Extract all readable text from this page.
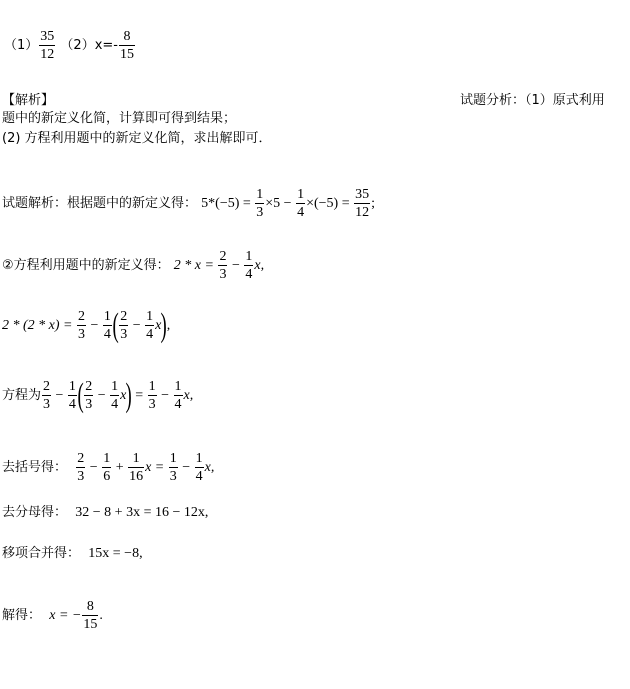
$(1) \frac{35}{12} (2)x=- \frac{8}{15}$
【解析】	试题分析：（1）原式利用
题中的新定义化简，计算即可得到结果；
(2) 方程利用题中的新定义化简，求出解即可．
试题解析：根据题中的新定义得： $5*(-5) = \frac{1}{3} \times 5 - \frac{1}{4} \times(-5) = \frac{35}{12}$ ;
②方程利用题中的新定义得： $2 * x = \frac{2}{3} - \frac{1}{4} x$,
$2 * (2 * x) = \frac{2}{3} - \frac{1}{4}$ ( $\frac{2}{3} - \frac{1}{4} x$),
方程为 $\frac{2}{3} - \frac{1}{4}$ ( $\frac{2}{3} - \frac{1}{4} x) = \frac{1}{3} - \frac{1}{4} x$,
去括号得： $\frac{2}{3} - \frac{1}{6} + \frac{1}{16}$ $x = \frac{1}{3} - \frac{1}{4} x$,
去分母得： 32 − 8 + 3x = 16 − 12x,
移项合并得： 15x = −8,
解得： x = − $\frac{8}{15}$ .
